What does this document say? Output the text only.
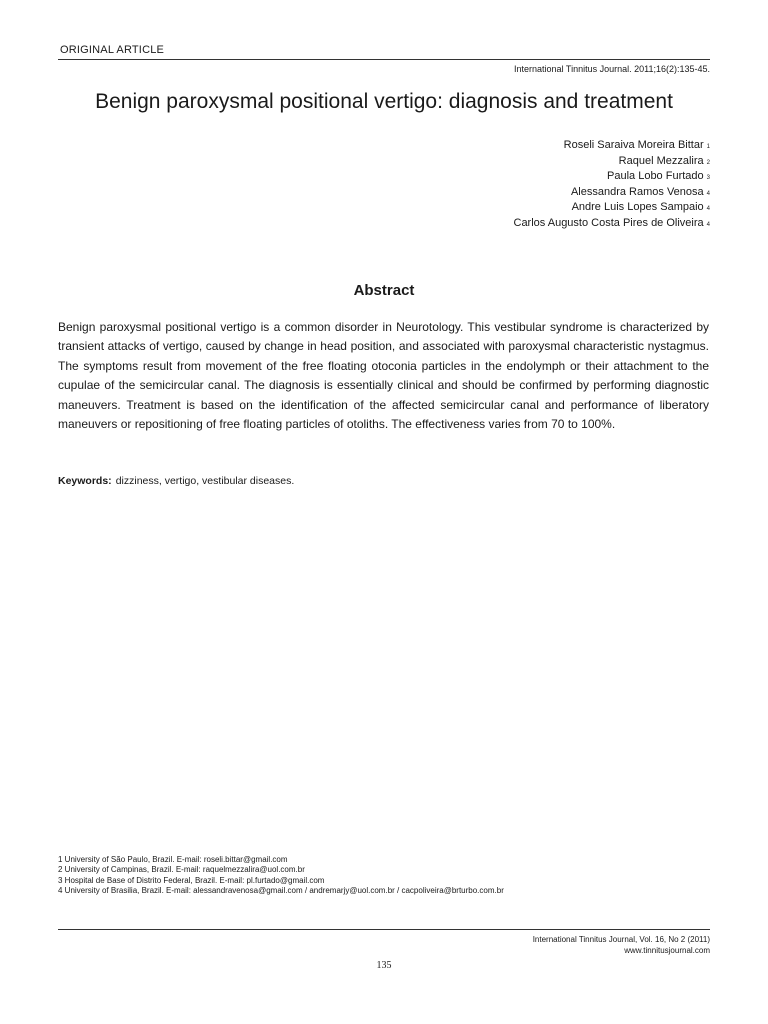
ORIGINAL ARTICLE
International Tinnitus Journal. 2011;16(2):135-45.
Benign paroxysmal positional vertigo: diagnosis and treatment
Roseli Saraiva Moreira Bittar 1
Raquel Mezzalira 2
Paula Lobo Furtado 3
Alessandra Ramos Venosa 4
Andre Luis Lopes Sampaio 4
Carlos Augusto Costa Pires de Oliveira 4
Abstract

Benign paroxysmal positional vertigo is a common disorder in Neurotology. This vestibular syndrome is characterized by transient attacks of vertigo, caused by change in head position, and associated with paroxysmal characteristic nystagmus. The symptoms result from movement of the free floating otoconia particles in the endolymph or their attachment to the cupulae of the semicircular canal. The diagnosis is essentially clinical and should be confirmed by performing diagnostic maneuvers. Treatment is based on the identification of the affected semicircular canal and performance of liberatory maneuvers or repositioning of free floating particles of otoliths. The effectiveness varies from 70 to 100%.

Keywords: dizziness, vertigo, vestibular diseases.
1 University of São Paulo, Brazil. E-mail: roseli.bittar@gmail.com
2 University of Campinas, Brazil. E-mail: raquelmezzalira@uol.com.br
3 Hospital de Base of Distrito Federal, Brazil. E-mail: pl.furtado@gmail.com
4 University of Brasilia, Brazil. E-mail: alessandravenosa@gmail.com / andremarjy@uol.com.br / cacpoliveira@brturbo.com.br
International Tinnitus Journal, Vol. 16, No 2 (2011)
www.tinnitusjournal.com
135
